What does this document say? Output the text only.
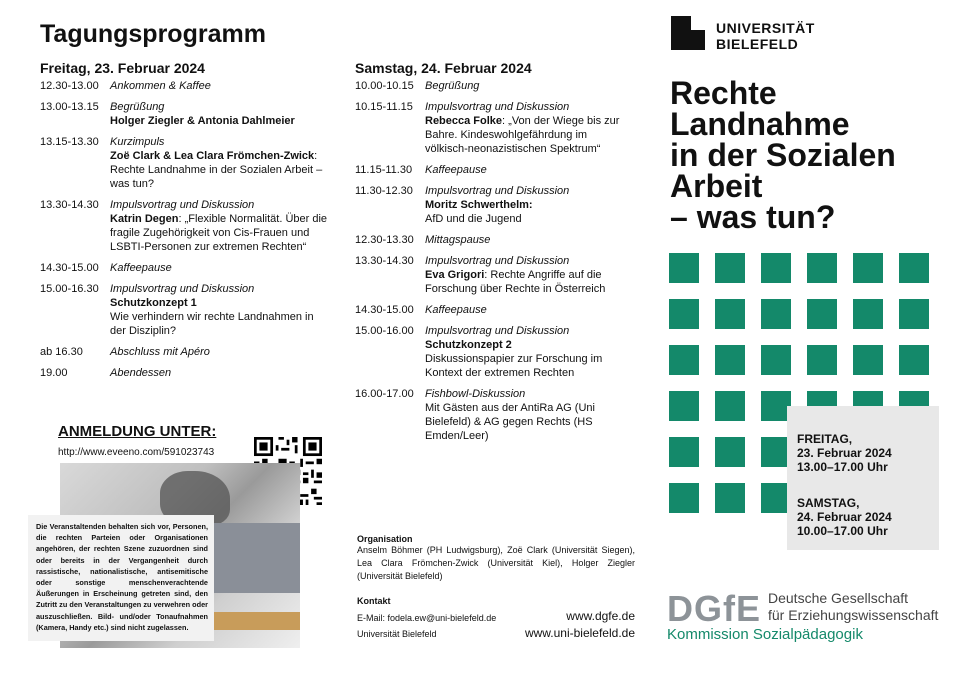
Tagungsprogramm
Freitag, 23. Februar 2024
12.30-13.00	Ankommen & Kaffee
13.00-13.15	Begrüßung
Holger Ziegler & Antonia Dahlmeier
13.15-13.30	Kurzimpuls
Zoë Clark & Lea Clara Frömchen-Zwick: Rechte Landnahme in der Sozialen Arbeit – was tun?
13.30-14.30	Impulsvortrag und Diskussion
Katrin Degen: „Flexible Normalität. Über die fragile Zugehörigkeit von Cis-Frauen und LSBTI-Personen zur extremen Rechten“
14.30-15.00	Kaffeepause
15.00-16.30	Impulsvortrag und Diskussion
Schutzkonzept 1
Wie verhindern wir rechte Landnahmen in der Disziplin?
ab 16.30	Abschluss mit Apéro
19.00	Abendessen
Samstag, 24. Februar 2024
10.00-10.15	Begrüßung
10.15-11.15	Impulsvortrag und Diskussion
Rebecca Folke: „Von der Wiege bis zur Bahre. Kindeswohlgefährdung im völkisch-neonazistischen Spektrum“
11.15-11.30	Kaffeepause
11.30-12.30	Impulsvortrag und Diskussion
Moritz Schwerthelm:
AfD und die Jugend
12.30-13.30	Mittagspause
13.30-14.30	Impulsvortrag und Diskussion
Eva Grigori: Rechte Angriffe auf die Forschung über Rechte in Österreich
14.30-15.00	Kaffeepause
15.00-16.00	Impulsvortrag und Diskussion
Schutzkonzept 2
Diskussionspapier zur Forschung im Kontext der extremen Rechten
16.00-17.00	Fishbowl-Diskussion
Mit Gästen aus der AntiRa AG (Uni Bielefeld) & AG gegen Rechts (HS Emden/Leer)
ANMELDUNG UNTER:
http://www.eveeno.com/591023743
Die Veranstaltenden behalten sich vor, Personen, die rechten Parteien oder Organisationen angehören, der rechten Szene zuzuordnen sind oder bereits in der Vergangenheit durch rassistische, nationalistische, antisemitische oder sonstige menschenverachtende Äußerungen in Erscheinung getreten sind, den Zutritt zu den Veranstaltungen zu verwehren oder auszuschließen. Bild- und/oder Tonaufnahmen (Kamera, Handy etc.) sind nicht zugelassen.
Organisation
Anselm Böhmer (PH Ludwigsburg), Zoë Clark (Universität Siegen), Lea Clara Frömchen-Zwick (Universität Kiel), Holger Ziegler (Universität Bielefeld)
Kontakt
E-Mail: fodela.ew@uni-bielefeld.de
Universität Bielefeld
www.dgfe.de
www.uni-bielefeld.de
UNIVERSITÄT
BIELEFELD
Rechte
Landnahme
in der Sozialen
Arbeit
– was tun?
FREITAG,
23. Februar 2024
13.00–17.00 Uhr
SAMSTAG,
24. Februar 2024
10.00–17.00 Uhr
DGfE Deutsche Gesellschaft
für Erziehungswissenschaft
Kommission Sozialpädagogik
